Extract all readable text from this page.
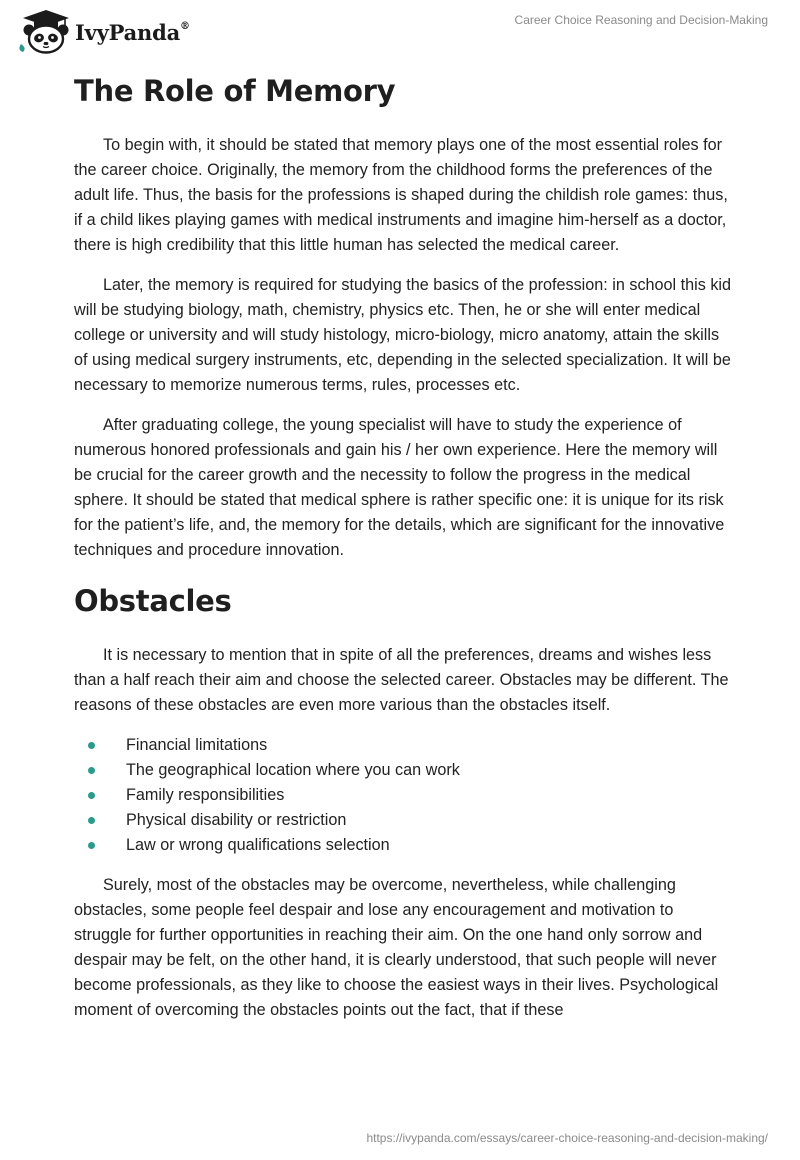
IvyPanda®	Career Choice Reasoning and Decision-Making
The Role of Memory

To begin with, it should be stated that memory plays one of the most essential roles for the career choice. Originally, the memory from the childhood forms the preferences of the adult life. Thus, the basis for the professions is shaped during the childish role games: thus, if a child likes playing games with medical instruments and imagine him-herself as a doctor, there is high credibility that this little human has selected the medical career.

Later, the memory is required for studying the basics of the profession: in school this kid will be studying biology, math, chemistry, physics etc. Then, he or she will enter medical college or university and will study histology, micro-biology, micro anatomy, attain the skills of using medical surgery instruments, etc, depending in the selected specialization. It will be necessary to memorize numerous terms, rules, processes etc.

After graduating college, the young specialist will have to study the experience of numerous honored professionals and gain his / her own experience. Here the memory will be crucial for the career growth and the necessity to follow the progress in the medical sphere. It should be stated that medical sphere is rather specific one: it is unique for its risk for the patient’s life, and, the memory for the details, which are significant for the innovative techniques and procedure innovation.

Obstacles

It is necessary to mention that in spite of all the preferences, dreams and wishes less than a half reach their aim and choose the selected career. Obstacles may be different. The reasons of these obstacles are even more various than the obstacles itself.

Financial limitations
The geographical location where you can work
Family responsibilities
Physical disability or restriction
Law or wrong qualifications selection

Surely, most of the obstacles may be overcome, nevertheless, while challenging obstacles, some people feel despair and lose any encouragement and motivation to struggle for further opportunities in reaching their aim. On the one hand only sorrow and despair may be felt, on the other hand, it is clearly understood, that such people will never become professionals, as they like to choose the easiest ways in their lives. Psychological moment of overcoming the obstacles points out the fact, that if these

https://ivypanda.com/essays/career-choice-reasoning-and-decision-making/
